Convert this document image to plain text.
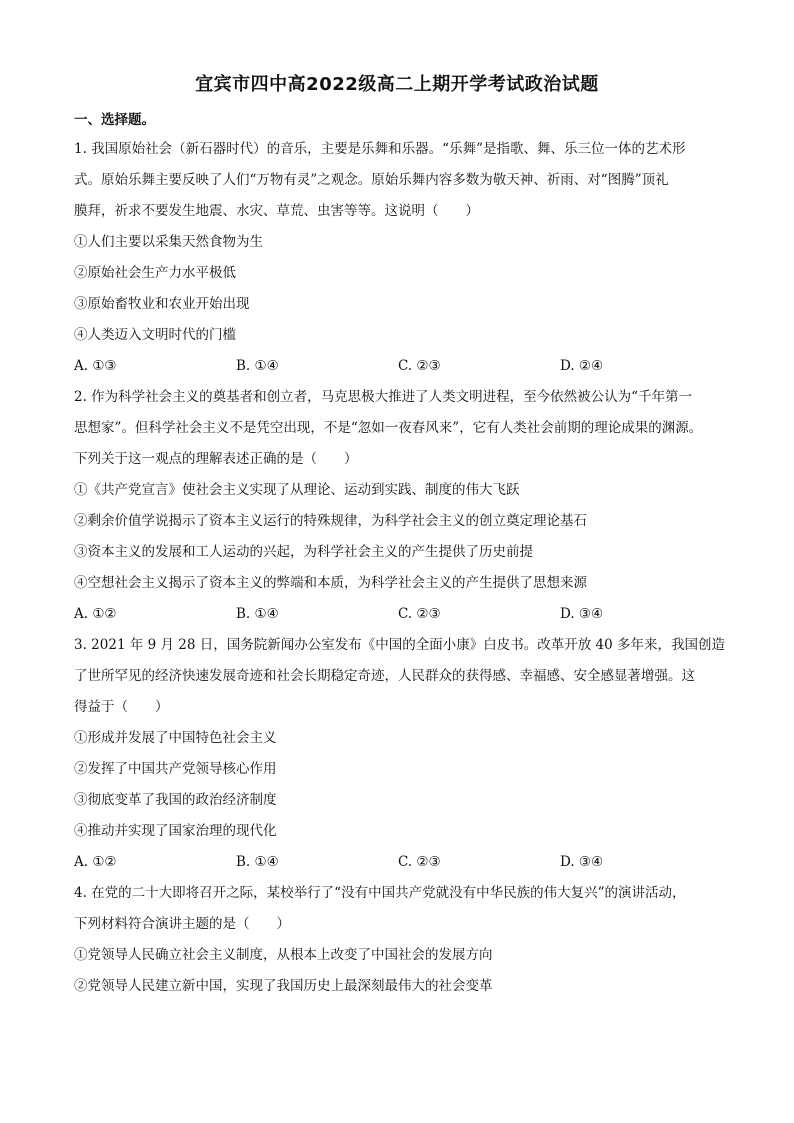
宜宾市四中高2022级高二上期开学考试政治试题
一、选择题。
1. 我国原始社会（新石器时代）的音乐，主要是乐舞和乐器。“乐舞”是指歌、舞、乐三位一体的艺术形
式。原始乐舞主要反映了人们“万物有灵”之观念。原始乐舞内容多数为敬天神、祈雨、对“图腾”顶礼
膜拜，祈求不要发生地震、水灾、草荒、虫害等等。这说明（　　）
①人们主要以采集天然食物为生
②原始社会生产力水平极低
③原始畜牧业和农业开始出现
④人类迈入文明时代的门槛
A. ①③	B. ①④	C. ②③	D. ②④
2. 作为科学社会主义的奠基者和创立者，马克思极大推进了人类文明进程，至今依然被公认为“千年第一
思想家”。但科学社会主义不是凭空出现，不是“忽如一夜春风来”，它有人类社会前期的理论成果的渊源。
下列关于这一观点的理解表述正确的是（　　）
①《共产党宣言》使社会主义实现了从理论、运动到实践、制度的伟大飞跃
②剩余价值学说揭示了资本主义运行的特殊规律，为科学社会主义的创立奠定理论基石
③资本主义的发展和工人运动的兴起，为科学社会主义的产生提供了历史前提
④空想社会主义揭示了资本主义的弊端和本质，为科学社会主义的产生提供了思想来源
A. ①②	B. ①④	C. ②③	D. ③④
3. 2021 年 9 月 28 日，国务院新闻办公室发布《中国的全面小康》白皮书。改革开放 40 多年来，我国创造
了世所罕见的经济快速发展奇迹和社会长期稳定奇迹，人民群众的获得感、幸福感、安全感显著增强。这
得益于（　　）
①形成并发展了中国特色社会主义
②发挥了中国共产党领导核心作用
③彻底变革了我国的政治经济制度
④推动并实现了国家治理的现代化
A. ①②	B. ①④	C. ②③	D. ③④
4. 在党的二十大即将召开之际，某校举行了“没有中国共产党就没有中华民族的伟大复兴”的演讲活动，
下列材料符合演讲主题的是（　　）
①党领导人民确立社会主义制度，从根本上改变了中国社会的发展方向
②党领导人民建立新中国，实现了我国历史上最深刻最伟大的社会变革
